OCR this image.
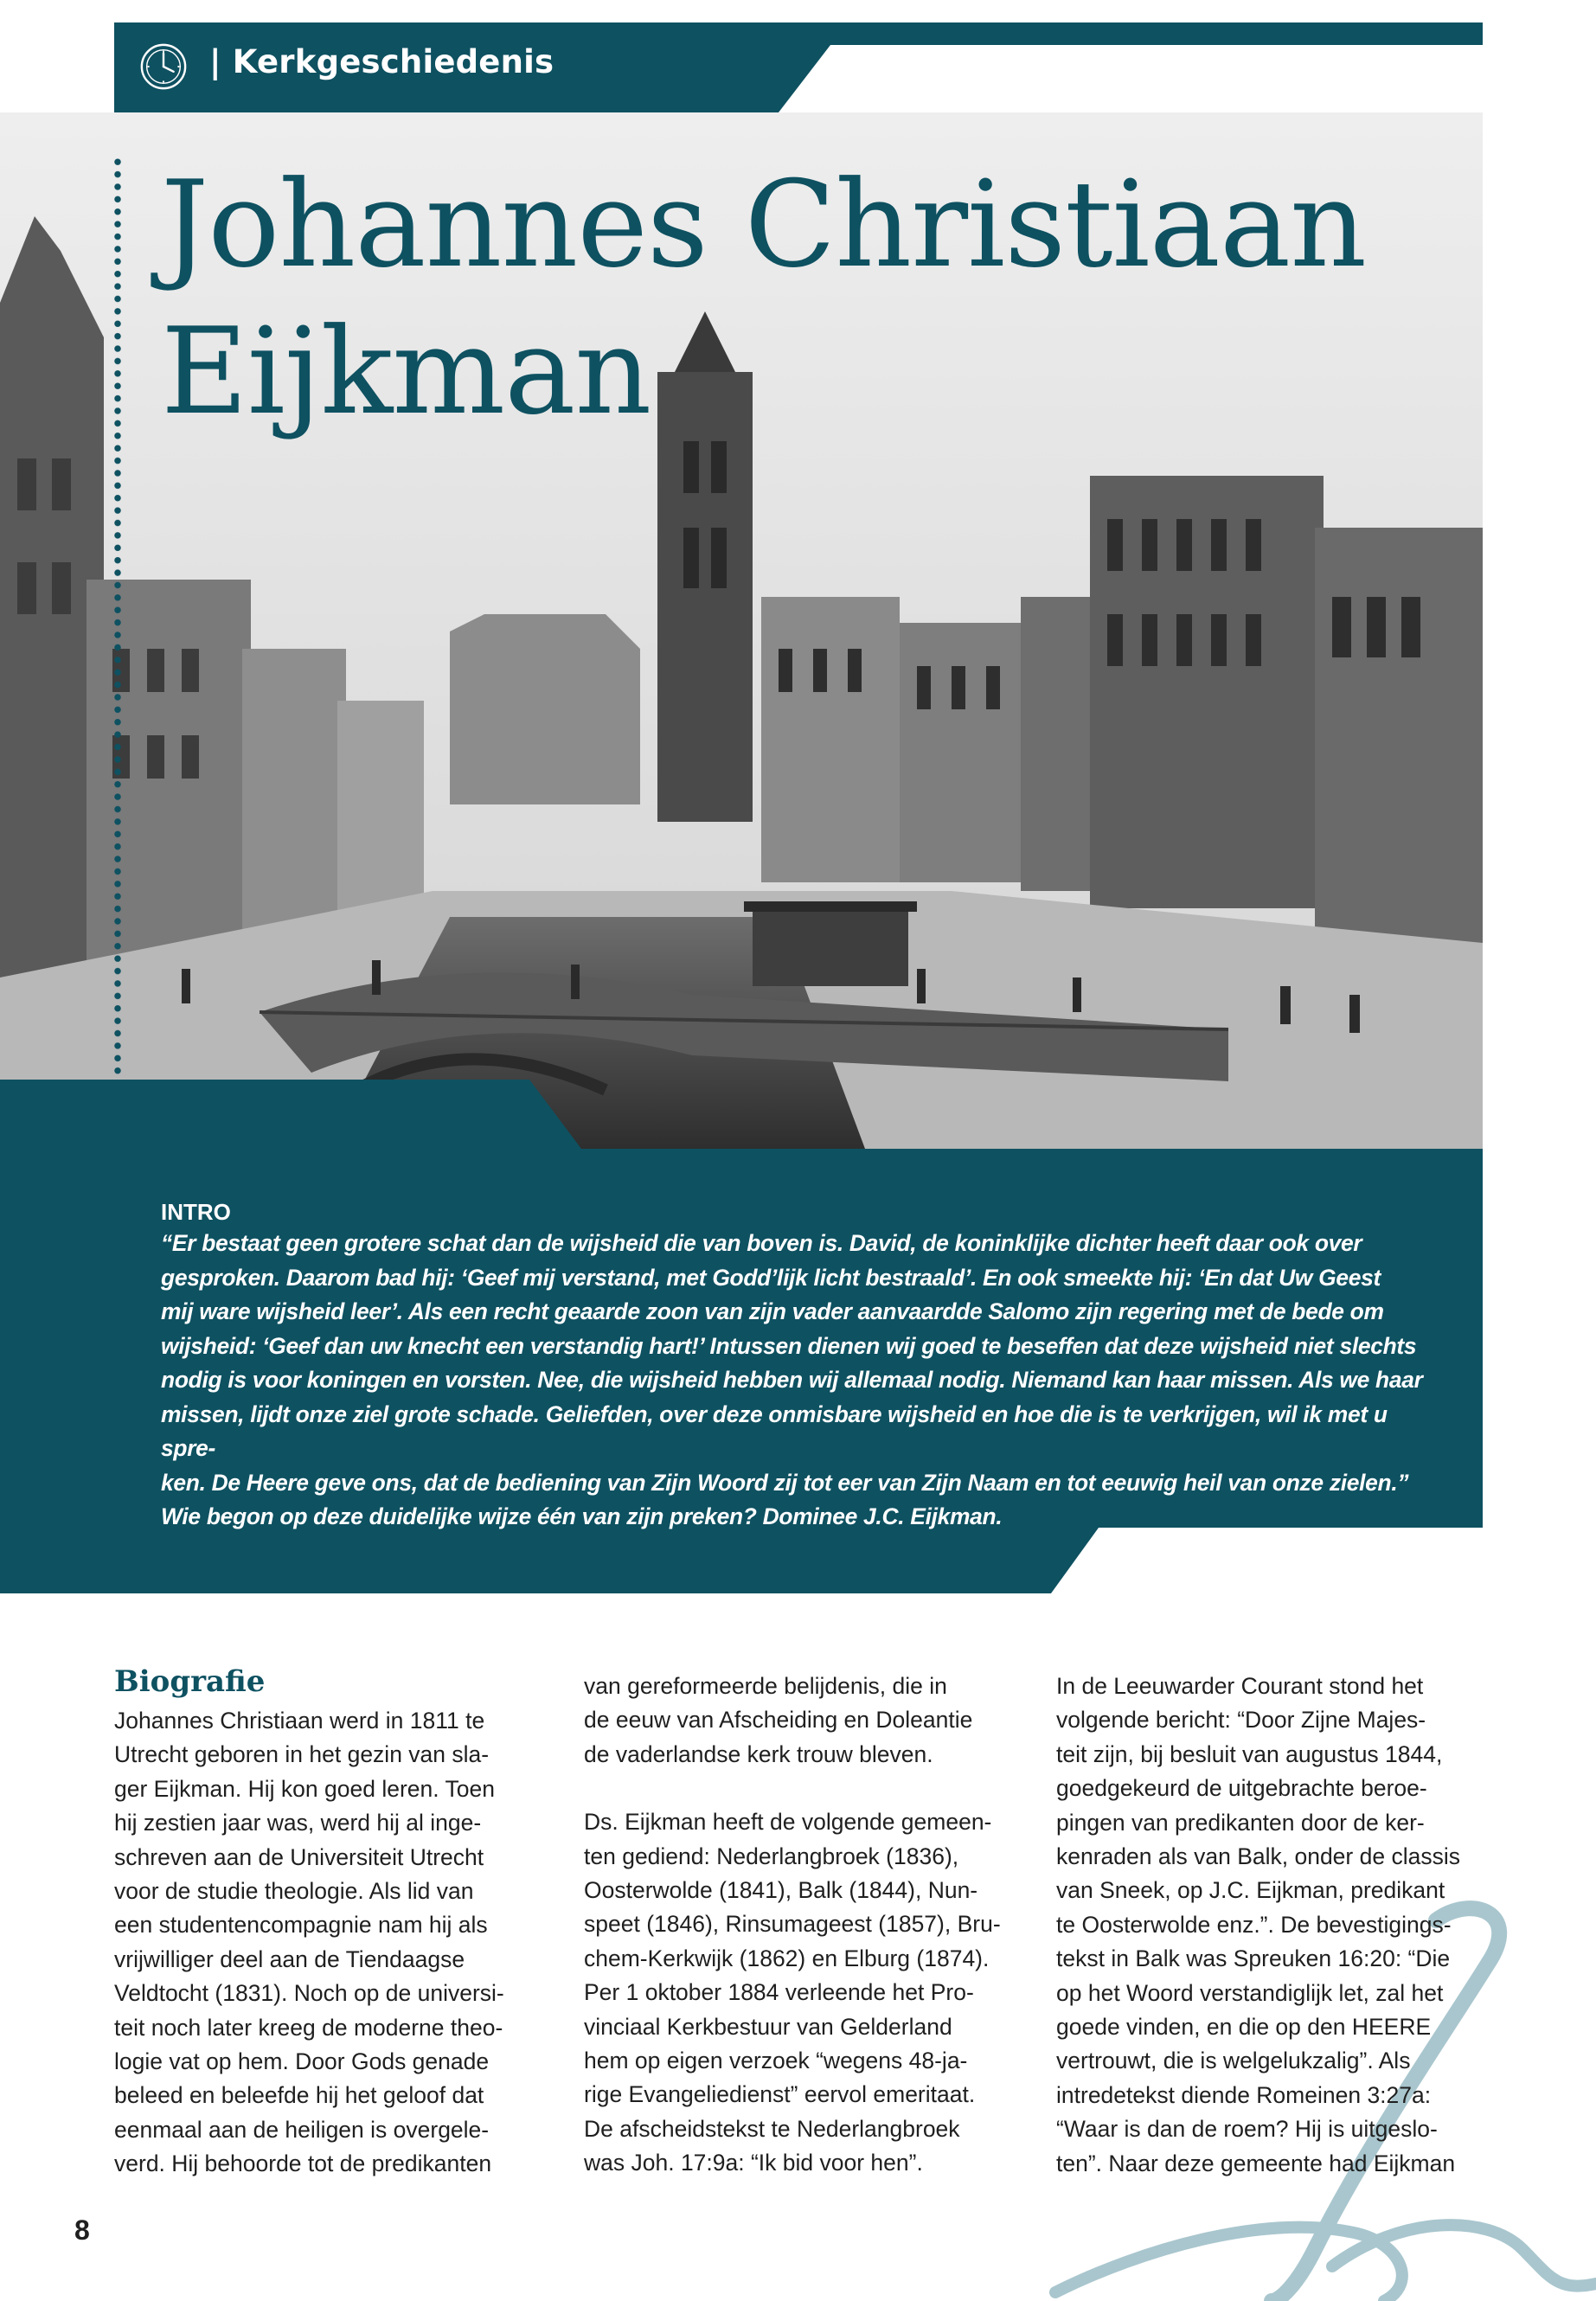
| Kerkgeschiedenis
Johannes Christiaan
Eijkman
INTRO
“Er bestaat geen grotere schat dan de wijsheid die van boven is. David, de koninklijke dichter heeft daar ook over
gesproken. Daarom bad hij: ‘Geef mij verstand, met Godd’lijk licht bestraald’. En ook smeekte hij: ‘En dat Uw Geest
mij ware wijsheid leer’. Als een recht geaarde zoon van zijn vader aanvaardde Salomo zijn regering met de bede om
wijsheid: ‘Geef dan uw knecht een verstandig hart!’ Intussen dienen wij goed te beseffen dat deze wijsheid niet slechts
nodig is voor koningen en vorsten. Nee, die wijsheid hebben wij allemaal nodig. Niemand kan haar missen. Als we haar
missen, lijdt onze ziel grote schade. Geliefden, over deze onmisbare wijsheid en hoe die is te verkrijgen, wil ik met u spre-
ken. De Heere geve ons, dat de bediening van Zijn Woord zij tot eer van Zijn Naam en tot eeuwig heil van onze zielen.”
Wie begon op deze duidelijke wijze één van zijn preken? Dominee J.C. Eijkman.
Biografie

Johannes Christiaan werd in 1811 te

Utrecht geboren in het gezin van sla-

ger Eijkman. Hij kon goed leren. Toen

hij zestien jaar was, werd hij al inge-

schreven aan de Universiteit Utrecht

voor de studie theologie. Als lid van

een studentencompagnie nam hij als

vrijwilliger deel aan de Tiendaagse

Veldtocht (1831). Noch op de universi-

teit noch later kreeg de moderne theo-

logie vat op hem. Door Gods genade

beleed en beleefde hij het geloof dat

eenmaal aan de heiligen is overgele-

verd. Hij behoorde tot de predikanten

van gereformeerde belijdenis, die in

de eeuw van Afscheiding en Doleantie

de vaderlandse kerk trouw bleven.

Ds. Eijkman heeft de volgende gemeen-

ten gediend: Nederlangbroek (1836),

Oosterwolde (1841), Balk (1844), Nun-

speet (1846), Rinsumageest (1857), Bru-

chem-Kerkwijk (1862) en Elburg (1874).

Per 1 oktober 1884 verleende het Pro-

vinciaal Kerkbestuur van Gelderland

hem op eigen verzoek “wegens 48-ja-

rige Evangeliedienst” eervol emeritaat.

De afscheidstekst te Nederlangbroek

was Joh. 17:9a: “Ik bid voor hen”.

In de Leeuwarder Courant stond het

volgende bericht: “Door Zijne Majes-

teit zijn, bij besluit van augustus 1844,

goedgekeurd de uitgebrachte beroe-

pingen van predikanten door de ker-

kenraden als van Balk, onder de classis

van Sneek, op J.C. Eijkman, predikant

te Oosterwolde enz.”. De bevestigings-

tekst in Balk was Spreuken 16:20: “Die

op het Woord verstandiglijk let, zal het

goede vinden, en die op den HEERE

vertrouwt, die is welgelukzalig”. Als

intredetekst diende Romeinen 3:27a:

“Waar is dan de roem? Hij is uitgeslo-

ten”. Naar deze gemeente had Eijkman

8
